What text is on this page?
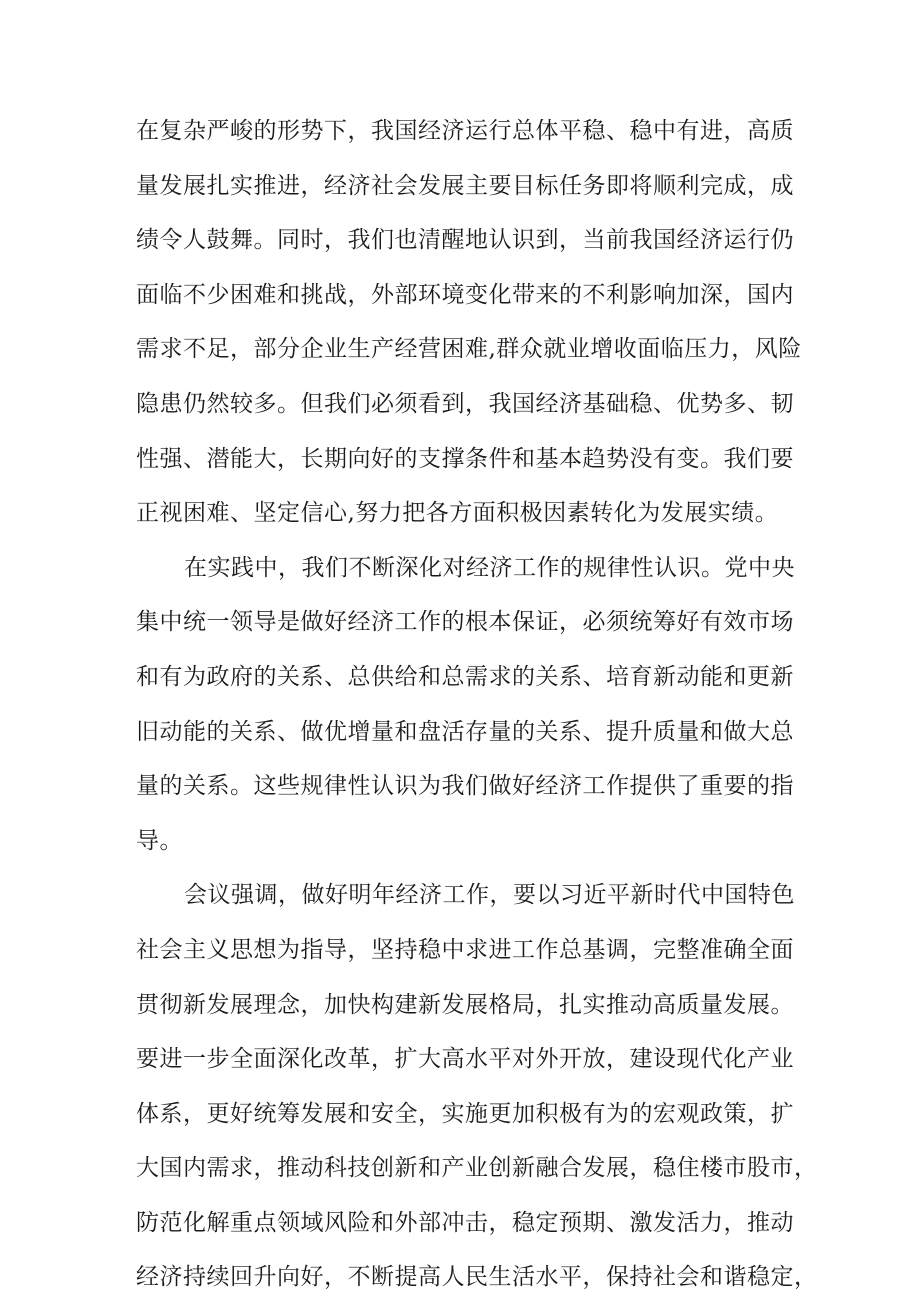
在复杂严峻的形势下，我国经济运行总体平稳、稳中有进，高质
量发展扎实推进，经济社会发展主要目标任务即将顺利完成，成
绩令人鼓舞。同时，我们也清醒地认识到，当前我国经济运行仍
面临不少困难和挑战，外部环境变化带来的不利影响加深，国内
需求不足，部分企业生产经营困难,群众就业增收面临压力，风险
隐患仍然较多。但我们必须看到，我国经济基础稳、优势多、韧
性强、潜能大，长期向好的支撑条件和基本趋势没有变。我们要
正视困难、坚定信心,努力把各方面积极因素转化为发展实绩。
在实践中，我们不断深化对经济工作的规律性认识。党中央
集中统一领导是做好经济工作的根本保证，必须统筹好有效市场
和有为政府的关系、总供给和总需求的关系、培育新动能和更新
旧动能的关系、做优增量和盘活存量的关系、提升质量和做大总
量的关系。这些规律性认识为我们做好经济工作提供了重要的指
导。
会议强调，做好明年经济工作，要以习近平新时代中国特色
社会主义思想为指导，坚持稳中求进工作总基调，完整准确全面
贯彻新发展理念，加快构建新发展格局，扎实推动高质量发展。
要进一步全面深化改革，扩大高水平对外开放，建设现代化产业
体系，更好统筹发展和安全，实施更加积极有为的宏观政策，扩
大国内需求，推动科技创新和产业创新融合发展，稳住楼市股市，
防范化解重点领域风险和外部冲击，稳定预期、激发活力，推动
经济持续回升向好，不断提高人民生活水平，保持社会和谐稳定，
